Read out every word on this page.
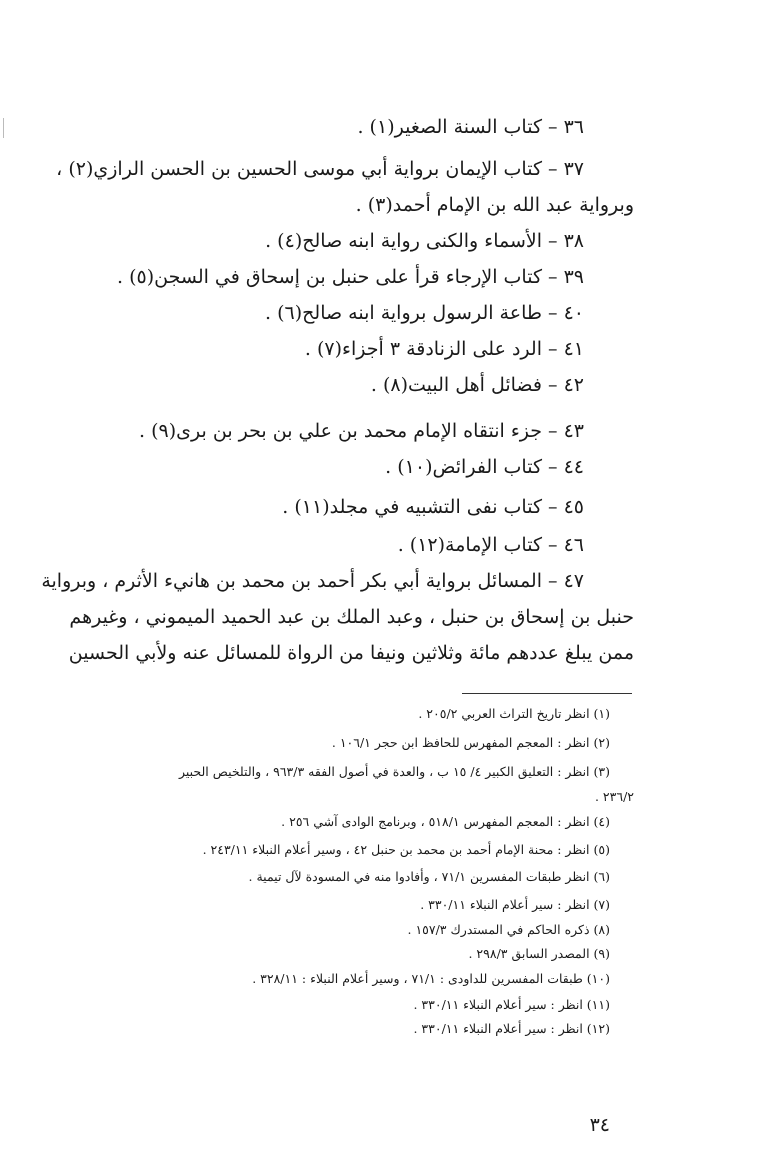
٣٦ – كتاب السنة الصغير(١) .
٣٧ – كتاب الإيمان برواية أبي موسى الحسين بن الحسن الرازي(٢) ،
وبرواية عبد الله بن الإمام أحمد(٣) .
٣٨ – الأسماء والكنى رواية ابنه صالح(٤) .
٣٩ – كتاب الإرجاء قرأ على حنبل بن إسحاق في السجن(٥) .
٤٠ – طاعة الرسول برواية ابنه صالح(٦) .
٤١ – الرد على الزنادقة ٣ أجزاء(٧) .
٤٢ – فضائل أهل البيت(٨) .
٤٣ – جزء انتقاه الإمام محمد بن علي بن بحر بن برى(٩) .
٤٤ – كتاب الفرائض(١٠) .
٤٥ – كتاب نفى التشبيه في مجلد(١١) .
٤٦ – كتاب الإمامة(١٢) .
٤٧ – المسائل برواية أبي بكر أحمد بن محمد بن هانيء الأثرم ، وبرواية
حنبل بن إسحاق بن حنبل ، وعبد الملك بن عبد الحميد الميموني ، وغيرهم
ممن يبلغ عددهم مائة وثلاثين ونيفا من الرواة للمسائل عنه ولأبي الحسين
(١) انظر تاريخ التراث العربي ٢٠٥/٢ .
(٢) انظر : المعجم المفهرس للحافظ ابن حجر ١٠٦/١ .
(٣) انظر : التعليق الكبير ٤/ ١٥ ب ، والعدة في أصول الفقه ٩٦٣/٣ ، والتلخيص الحبير
٢٣٦/٢ .
(٤) انظر : المعجم المفهرس ٥١٨/١ ، وبرنامج الوادى آشي ٢٥٦ .
(٥) انظر : محنة الإمام أحمد بن محمد بن حنبل ٤٢ ، وسير أعلام النبلاء ٢٤٣/١١ .
(٦) انظر طبقات المفسرين ٧١/١ ، وأفادوا منه في المسودة لآل تيمية .
(٧) انظر : سير أعلام النبلاء ٣٣٠/١١ .
(٨) ذكره الحاكم في المستدرك ١٥٧/٣ .
(٩) المصدر السابق ٢٩٨/٣ .
(١٠) طبقات المفسرين للداودى : ٧١/١ ، وسير أعلام النبلاء : ٣٢٨/١١ .
(١١) انظر : سير أعلام النبلاء ٣٣٠/١١ .
(١٢) انظر : سير أعلام النبلاء ٣٣٠/١١ .
٣٤
